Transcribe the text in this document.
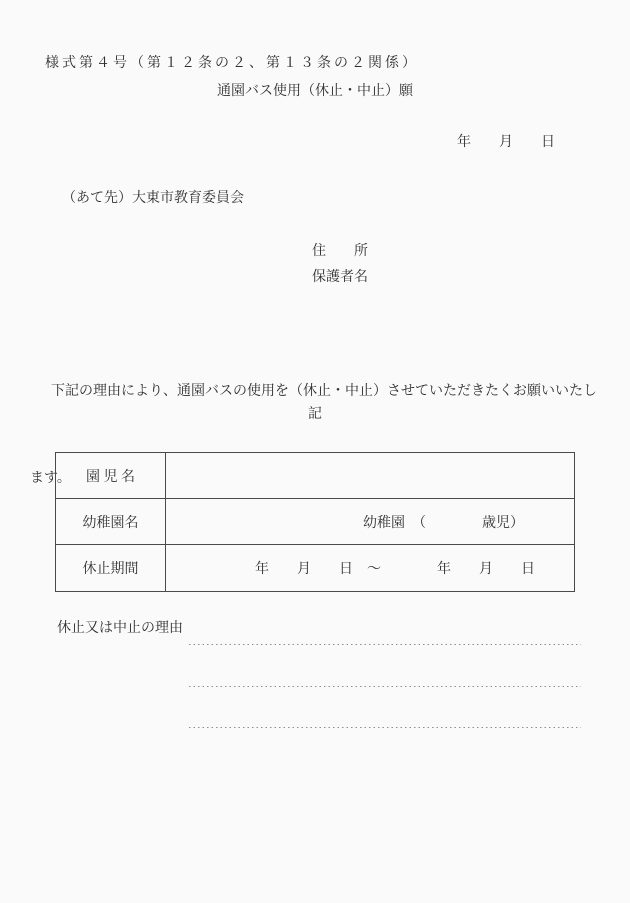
様式第４号（第１２条の２、第１３条の２関係）
通園バス使用（休止・中止）願
年　　月　　日
（あて先）大東市教育委員会
住　　所
保護者名

　下記の理由により、通園バスの使用を（休止・中止）させていただきたくお願いいたし

ます。

記
園 児 名
幼稚園名	幼稚園　（　　　　歳児）
休止期間	年　　月　　日　～　　　　年　　月　　日
休止又は中止の理由
